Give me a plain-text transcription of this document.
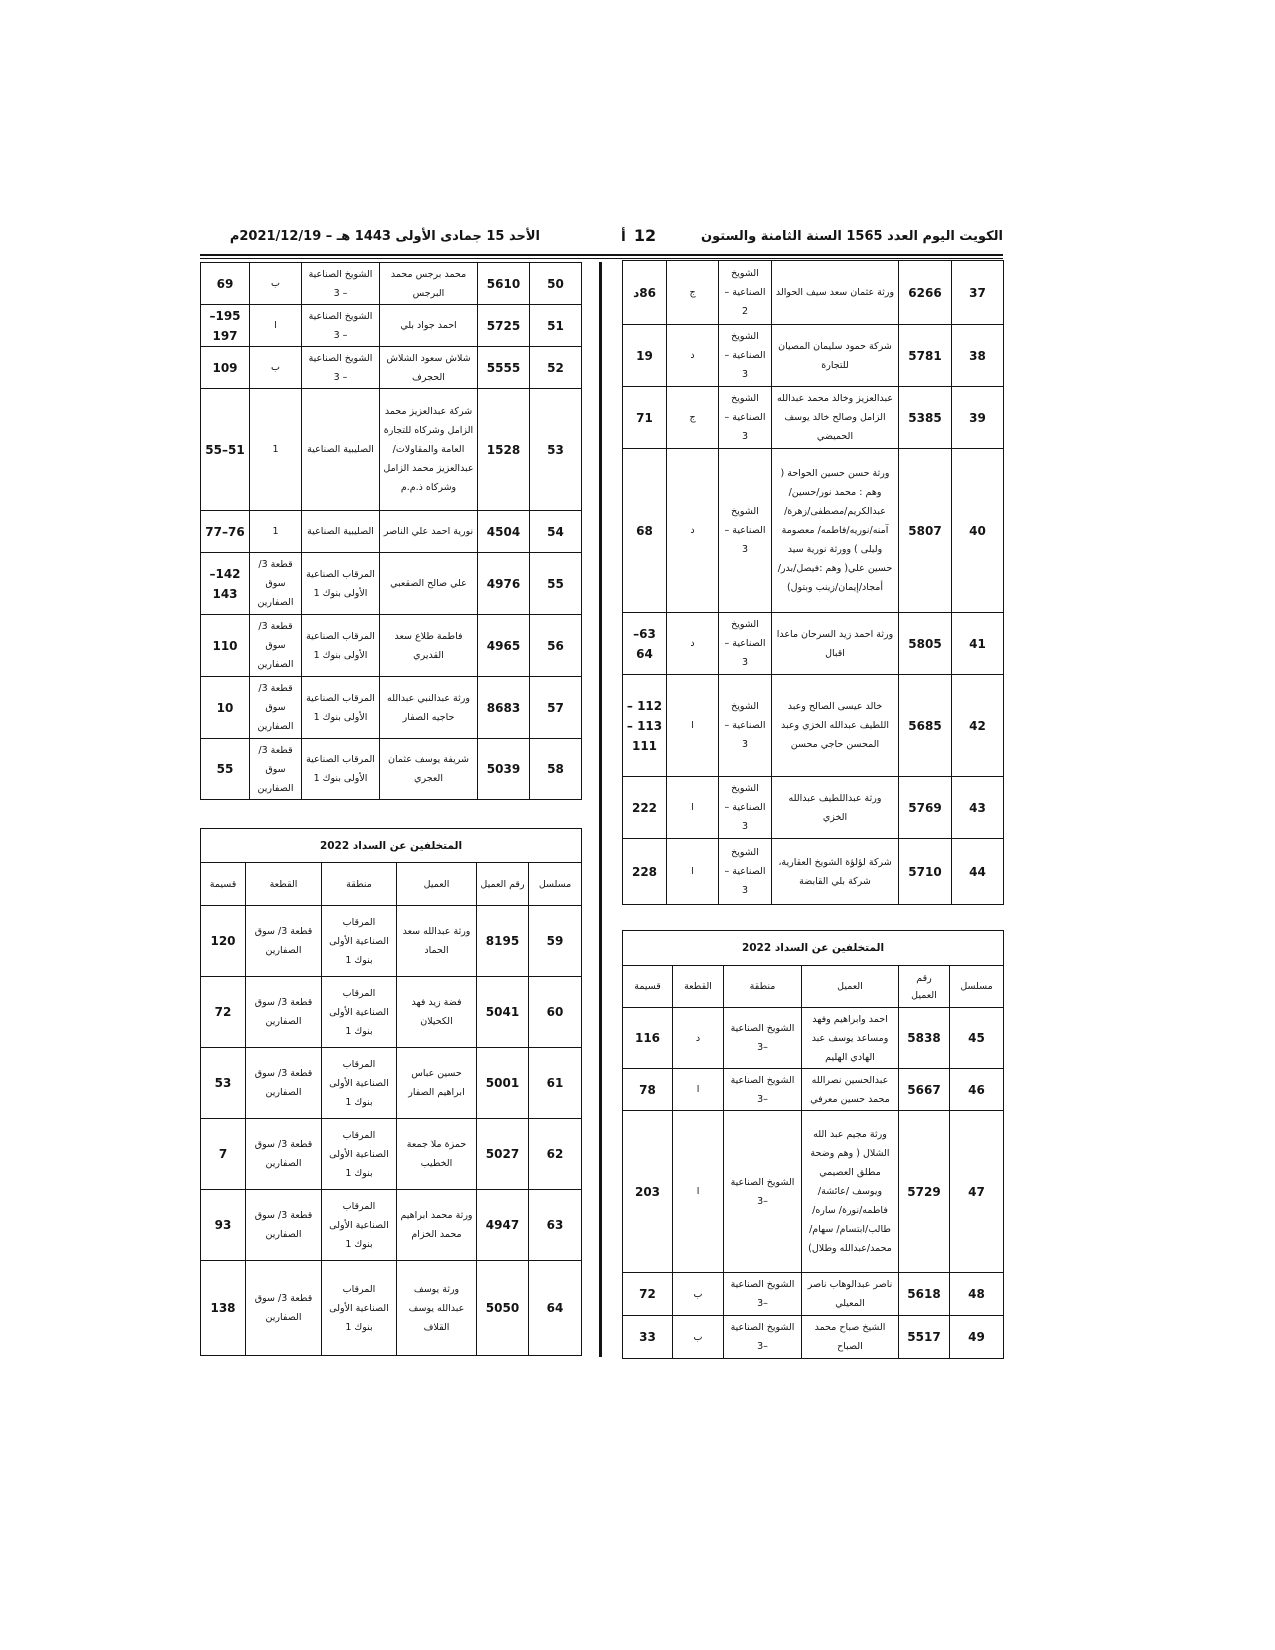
الكويت اليوم العدد 1565 السنة الثامنة والستون
أ 12
الأحد 15 جمادى الأولى 1443 هـ – 2021/12/19م
37
6266
ورثة عثمان سعد سيف الحوالد
الشويخ الصناعية –2
ج
86د
38
5781
شركة حمود سليمان المصيان للتجارة
الشويخ الصناعية –3
د
19
39
5385
عبدالعزيز وخالد محمد عبدالله الزامل وصالح خالد يوسف الحميضي
الشويخ الصناعية –3
ج
71
40
5807
ورثة حسن حسين الحواحة ( وهم : محمد نور/حسين/عبدالكريم/مصطفى/زهرة/آمنه/نوريه/فاطمه/ معصومة وليلى ) وورثة نورية سيد حسين علي( وهم :فيصل/بدر/أمجاد/إيمان/زينب وبتول)
الشويخ الصناعية –3
د
68
41
5805
ورثة احمد زيد السرحان ماعدا اقبال
الشويخ الصناعية –3
د
63–64
42
5685
خالد عيسى الصالح وعبد اللطيف عبدالله الخزي وعبد المحسن حاجي محسن
الشويخ الصناعية –3
ا
112 – 113 – 111
43
5769
ورثة عبداللطيف عبدالله الخزي
الشويخ الصناعية –3
ا
222
44
5710
شركة لؤلؤة الشويخ العقارية، شركة بلي القابضة
الشويخ الصناعية –3
ا
228
المتخلفين عن السداد 2022
مسلسل
رقم العميل
العميل
منطقة
القطعة
قسيمة
45
5838
احمد وابراهيم وفهد ومساعد يوسف عبد الهادي الهليم
الشويخ الصناعية –3
د
116
46
5667
عبدالحسين نصرالله محمد حسين معرفي
الشويخ الصناعية –3
ا
78
47
5729
ورثة مجيم عبد الله الشلال ( وهم وضحة مطلق العصيمي ويوسف /عائشة/فاطمه/نورة/ ساره/طالب/ابتسام/ سهام/محمد/عبدالله وطلال)
الشويخ الصناعية –3
ا
203
48
5618
ناصر عبدالوهاب ناصر المعيلي
الشويخ الصناعية –3
ب
72
49
5517
الشيخ صباح محمد الصباح
الشويخ الصناعية –3
ب
33
50
5610
محمد برجس محمد البرجس
الشويخ الصناعية – 3
ب
69
51
5725
احمد جواد بلي
الشويخ الصناعية – 3
ا
195–197
52
5555
شلاش سعود الشلاش الحجرف
الشويخ الصناعية – 3
ب
109
53
1528
شركة عبدالعزيز محمد الزامل وشركاه للتجارة العامة والمقاولات/عبدالعزيز محمد الزامل وشركاه ذ.م.م
الصليبية الصناعية
1
51–55
54
4504
نورية احمد علي الناصر
الصليبية الصناعية
1
76–77
55
4976
علي صالح الصقعبي
المرقاب الصناعية الأولى بنوك 1
قطعة 3/ سوق الصفارين
142–143
56
4965
فاطمة طلاع سعد القديري
المرقاب الصناعية الأولى بنوك 1
قطعة 3/ سوق الصفارين
110
57
8683
ورثة عبدالنبي عبدالله حاجيه الصفار
المرقاب الصناعية الأولى بنوك 1
قطعة 3/ سوق الصفارين
10
58
5039
شريفة يوسف عثمان العجري
المرقاب الصناعية الأولى بنوك 1
قطعة 3/ سوق الصفارين
55
المتخلفين عن السداد 2022
مسلسل
رقم العميل
العميل
منطقة
القطعة
قسيمة
59
8195
ورثة عبدالله سعد الحماد
المرقاب الصناعية الأولى بنوك 1
قطعة 3/ سوق الصفارين
120
60
5041
فضة زيد فهد الكحيلان
المرقاب الصناعية الأولى بنوك 1
قطعة 3/ سوق الصفارين
72
61
5001
حسين عباس ابراهيم الصفار
المرقاب الصناعية الأولى بنوك 1
قطعة 3/ سوق الصفارين
53
62
5027
حمزة ملا جمعة الخطيب
المرقاب الصناعية الأولى بنوك 1
قطعة 3/ سوق الصفارين
7
63
4947
ورثة محمد ابراهيم محمد الخزام
المرقاب الصناعية الأولى بنوك 1
قطعة 3/ سوق الصفارين
93
64
5050
ورثة يوسف عبدالله يوسف القلاف
المرقاب الصناعية الأولى بنوك 1
قطعة 3/ سوق الصفارين
138
